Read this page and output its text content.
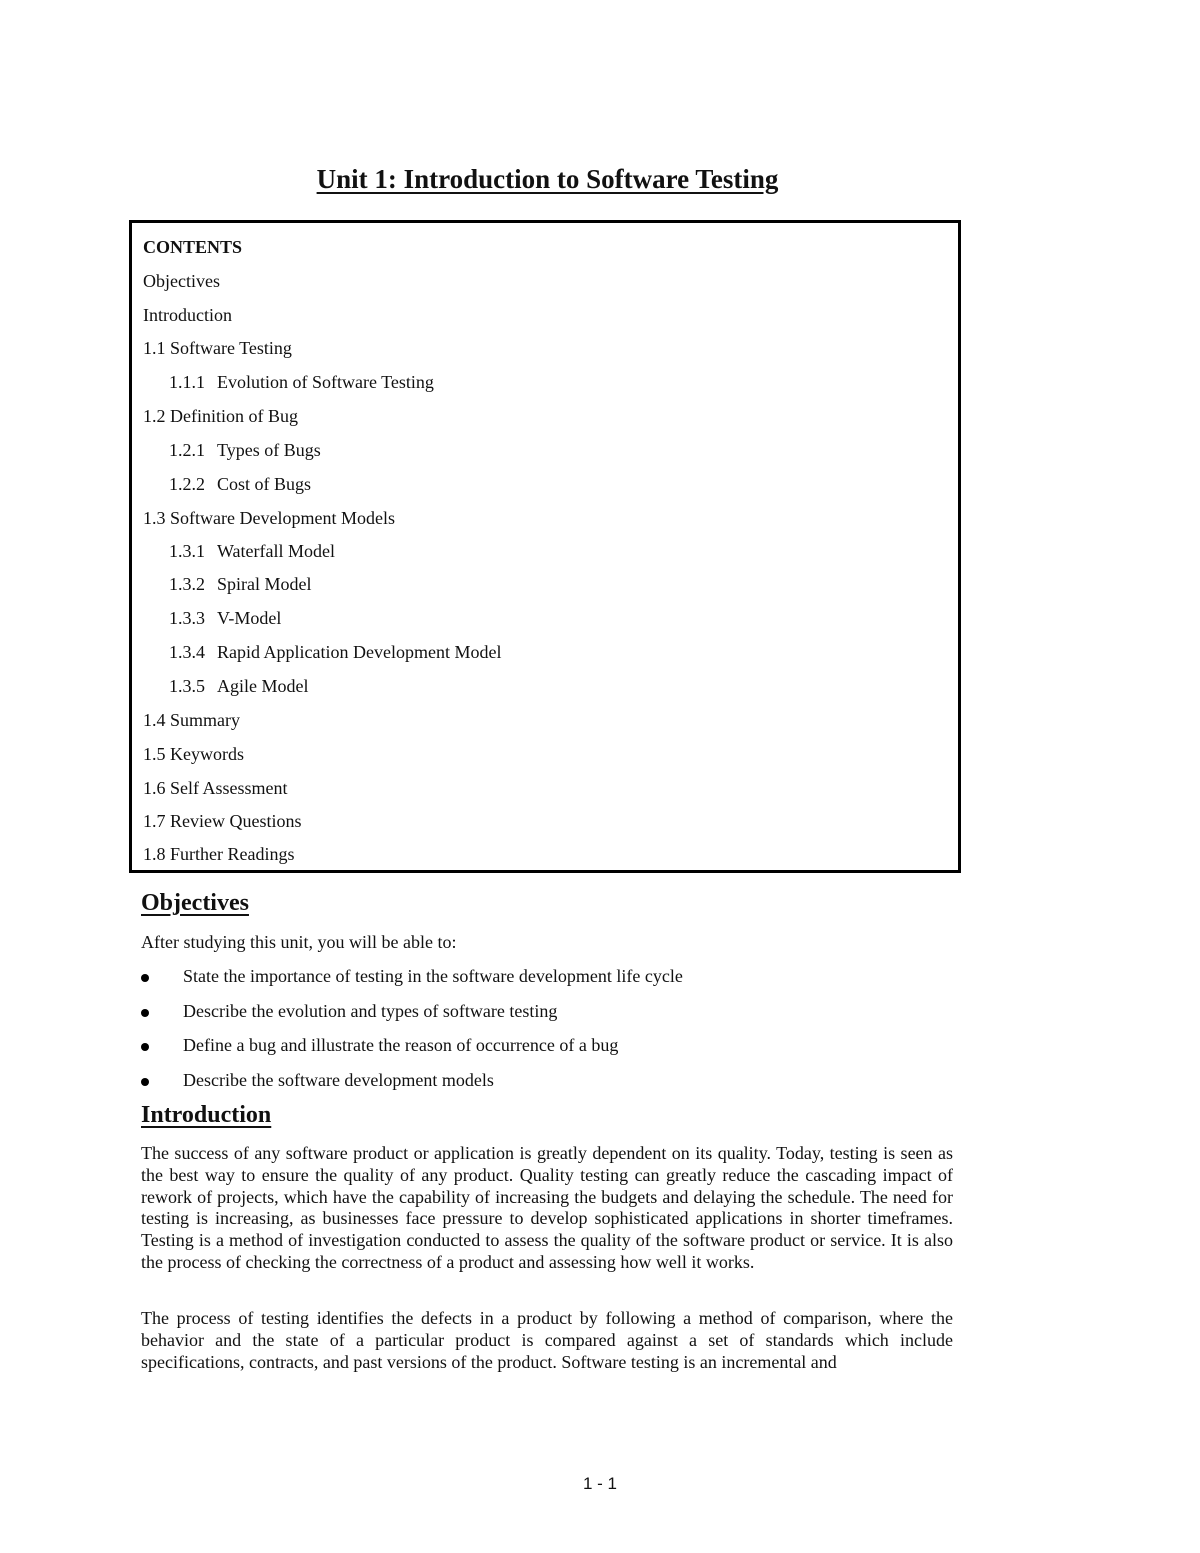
Unit 1: Introduction to Software Testing
CONTENTS
Objectives
Introduction
1.1 Software Testing
1.1.1 Evolution of Software Testing
1.2 Definition of Bug
1.2.1 Types of Bugs
1.2.2 Cost of Bugs
1.3 Software Development Models
1.3.1 Waterfall Model
1.3.2 Spiral Model
1.3.3 V-Model
1.3.4 Rapid Application Development Model
1.3.5 Agile Model
1.4 Summary
1.5 Keywords
1.6 Self Assessment
1.7 Review Questions
1.8 Further Readings
Objectives

After studying this unit, you will be able to:

State the importance of testing in the software development life cycle
Describe the evolution and types of software testing
Define a bug and illustrate the reason of occurrence of a bug
Describe the software development models
Introduction

The success of any software product or application is greatly dependent on its quality. Today, testing is seen as the best way to ensure the quality of any product. Quality testing can greatly reduce the cascading impact of rework of projects, which have the capability of increasing the budgets and delaying the schedule. The need for testing is increasing, as businesses face pressure to develop sophisticated applications in shorter timeframes. Testing is a method of investigation conducted to assess the quality of the software product or service. It is also the process of checking the correctness of a product and assessing how well it works.

The process of testing identifies the defects in a product by following a method of comparison, where the behavior and the state of a particular product is compared against a set of standards which include specifications, contracts, and past versions of the product. Software testing is an incremental and

1 - 1
